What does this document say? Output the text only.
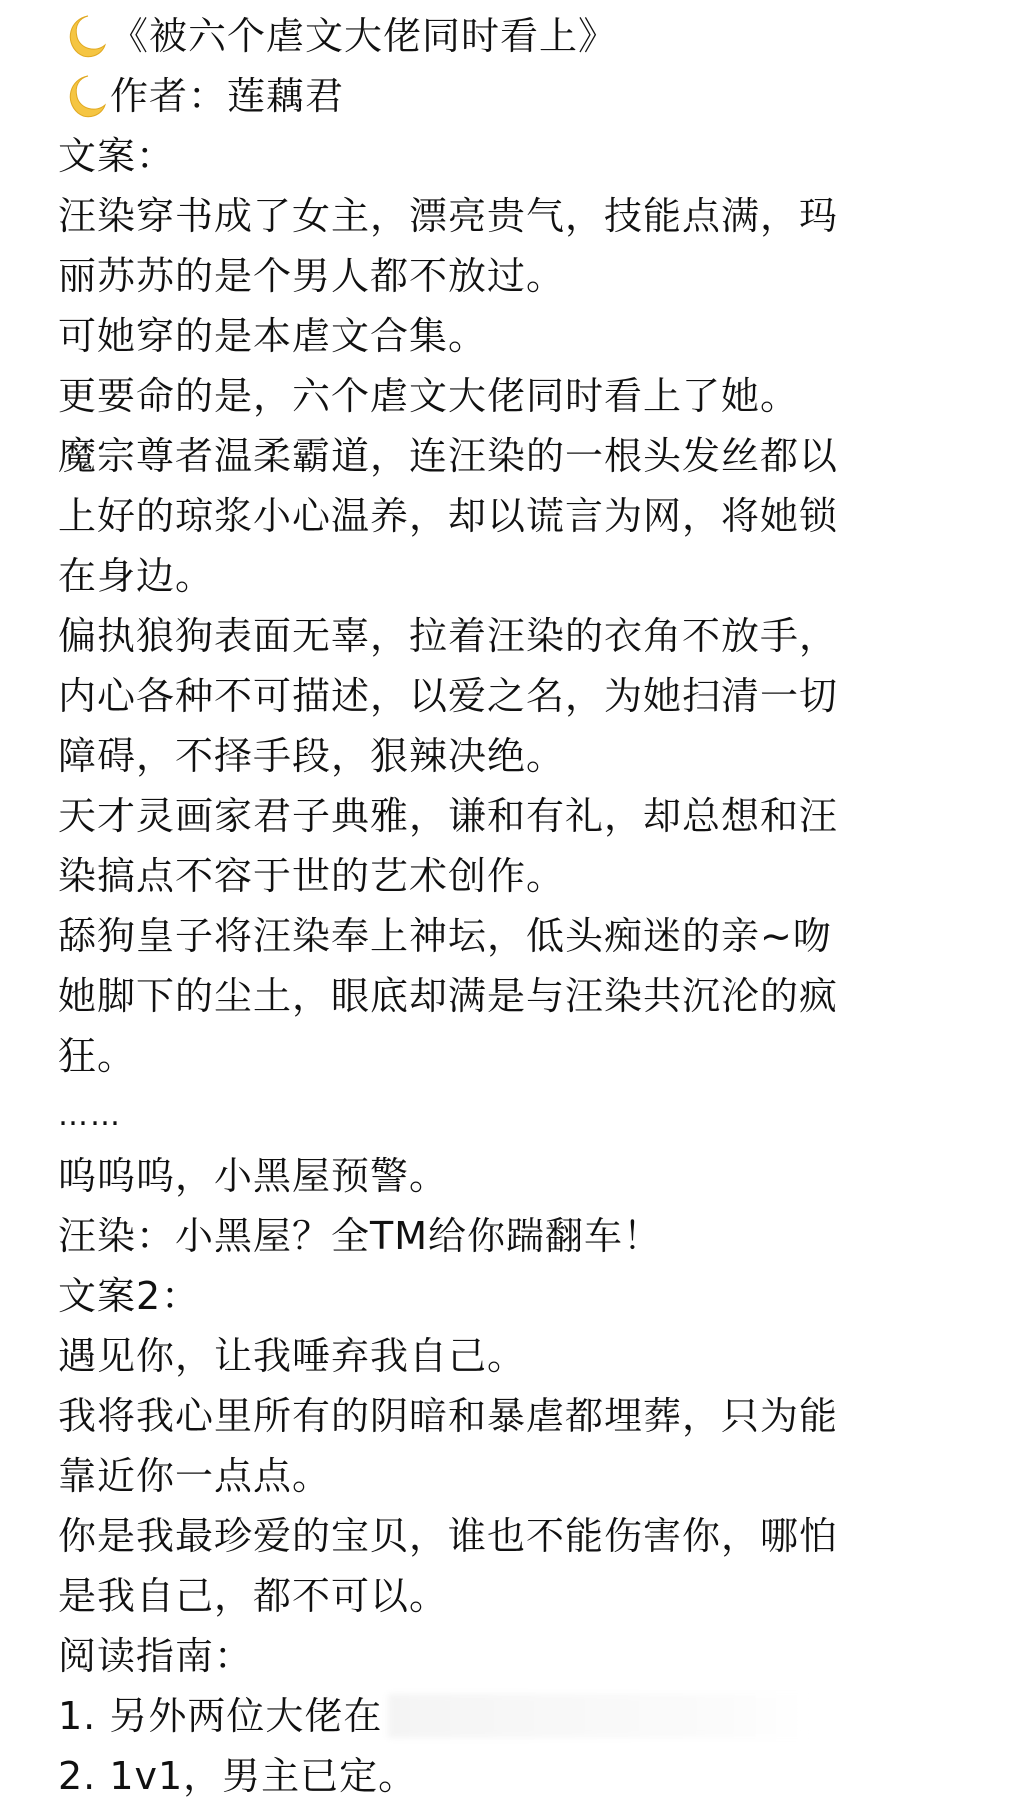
《被六个虐文大佬同时看上》
作者：莲藕君
文案：
汪染穿书成了女主，漂亮贵气，技能点满，玛
丽苏苏的是个男人都不放过。
可她穿的是本虐文合集。
更要命的是，六个虐文大佬同时看上了她。
魔宗尊者温柔霸道，连汪染的一根头发丝都以
上好的琼浆小心温养，却以谎言为网，将她锁
在身边。
偏执狼狗表面无辜，拉着汪染的衣角不放手，
内心各种不可描述，以爱之名，为她扫清一切
障碍，不择手段，狠辣决绝。
天才灵画家君子典雅，谦和有礼，却总想和汪
染搞点不容于世的艺术创作。
舔狗皇子将汪染奉上神坛，低头痴迷的亲~吻
她脚下的尘土，眼底却满是与汪染共沉沦的疯
狂。
……
呜呜呜，小黑屋预警。
汪染：小黑屋？全TM给你踹翻车！
文案2：
遇见你，让我唾弃我自己。
我将我心里所有的阴暗和暴虐都埋葬，只为能
靠近你一点点。
你是我最珍爱的宝贝，谁也不能伤害你，哪怕
是我自己，都不可以。
阅读指南：
1. 另外两位大佬在
2. 1v1，男主已定。
